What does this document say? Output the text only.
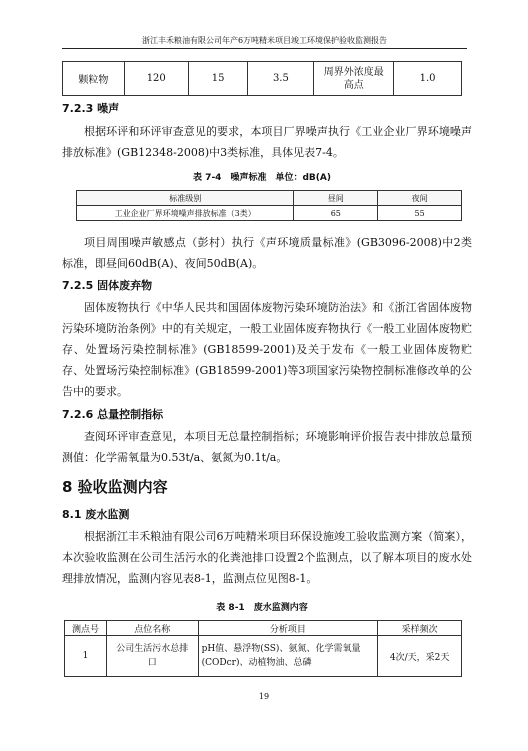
浙江丰禾粮油有限公司年产6万吨精米项目竣工环境保护验收监测报告
颗粒物	120	15	3.5	周界外浓度最高点	1.0
7.2.3 噪声

根据环评和环评审查意见的要求，本项目厂界噪声执行《工业企业厂界环境噪声排放标准》(GB12348-2008)中3类标准，具体见表7-4。

表 7-4　噪声标准　单位：dB(A)
标准级别	昼间	夜间
工业企业厂界环境噪声排放标准（3类）	65	55

项目周围噪声敏感点（彭村）执行《声环境质量标准》(GB3096-2008)中2类标准，即昼间60dB(A)、夜间50dB(A)。

7.2.5 固体废弃物

固体废物执行《中华人民共和国固体废物污染环境防治法》和《浙江省固体废物污染环境防治条例》中的有关规定，一般工业固体废弃物执行《一般工业固体废物贮存、处置场污染控制标准》(GB18599-2001)及关于发布《一般工业固体废物贮存、处置场污染控制标准》(GB18599-2001)等3项国家污染物控制标准修改单的公告中的要求。

7.2.6 总量控制指标

查阅环评审查意见，本项目无总量控制指标；环境影响评价报告表中排放总量预测值：化学需氧量为0.53t/a、氨氮为0.1t/a。

8 验收监测内容
8.1 废水监测

根据浙江丰禾粮油有限公司6万吨精米项目环保设施竣工验收监测方案（简案），本次验收监测在公司生活污水的化粪池排口设置2个监测点，以了解本项目的废水处理排放情况，监测内容见表8-1，监测点位见图8-1。

表 8-1　废水监测内容
测点号	点位名称	分析项目	采样频次
1	公司生活污水总排口	pH值、悬浮物(SS)、氨氮、化学需氧量(CODcr)、动植物油、总磷	4次/天，采2天
19
